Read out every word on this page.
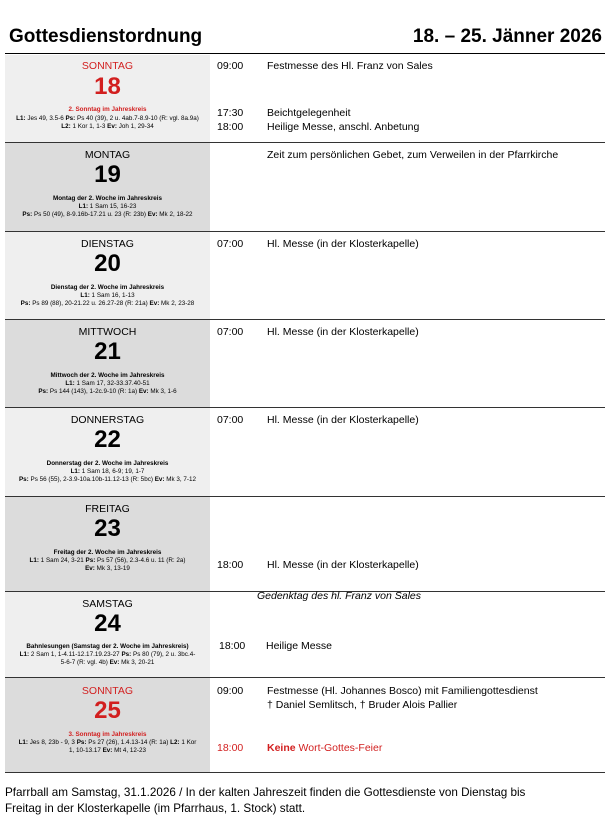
Gottesdienstordnung	18. – 25. Jänner 2026
SONNTAG
18
2. Sonntag im Jahreskreis
L1: Jes 49, 3.5-6 Ps: Ps 40 (39), 2 u. 4ab.7-8.9-10 (R: vgl. 8a.9a)
L2: 1 Kor 1, 1-3 Ev: Joh 1, 29-34
09:00 Festmesse des Hl. Franz von Sales
17:30 Beichtgelegenheit
18:00 Heilige Messe, anschl. Anbetung
MONTAG
19
Montag der 2. Woche im Jahreskreis
L1: 1 Sam 15, 16-23
Ps: Ps 50 (49), 8-9.16b-17.21 u. 23 (R: 23b) Ev: Mk 2, 18-22
Zeit zum persönlichen Gebet, zum Verweilen in der Pfarrkirche
DIENSTAG
20
Dienstag der 2. Woche im Jahreskreis
L1: 1 Sam 16, 1-13
Ps: Ps 89 (88), 20-21.22 u. 26.27-28 (R: 21a) Ev: Mk 2, 23-28
07:00 Hl. Messe (in der Klosterkapelle)
MITTWOCH
21
Mittwoch der 2. Woche im Jahreskreis
L1: 1 Sam 17, 32-33.37.40-51
Ps: Ps 144 (143), 1-2c.9-10 (R: 1a) Ev: Mk 3, 1-6
07:00 Hl. Messe (in der Klosterkapelle)
DONNERSTAG
22
Donnerstag der 2. Woche im Jahreskreis
L1: 1 Sam 18, 6-9; 19, 1-7
Ps: Ps 56 (55), 2-3.9-10a.10b-11.12-13 (R: 5bc) Ev: Mk 3, 7-12
07:00 Hl. Messe (in der Klosterkapelle)
FREITAG
23
Freitag der 2. Woche im Jahreskreis
L1: 1 Sam 24, 3-21 Ps: Ps 57 (56), 2.3-4.6 u. 11 (R: 2a)
Ev: Mk 3, 13-19	18:00 Hl. Messe (in der Klosterkapelle)
SAMSTAG
24
Bahnlesungen (Samstag der 2. Woche im Jahreskreis)
L1: 2 Sam 1, 1-4.11-12.17.19.23-27 Ps: Ps 80 (79), 2 u. 3bc.4-
5-6-7 (R: vgl. 4b) Ev: Mk 3, 20-21
Gedenktag des hl. Franz von Sales
18:00 Heilige Messe
SONNTAG
25
3. Sonntag im Jahreskreis
L1: Jes 8, 23b - 9, 3 Ps: Ps 27 (26), 1.4.13-14 (R: 1a) L2: 1 Kor
1, 10-13.17 Ev: Mt 4, 12-23
09:00 Festmesse (Hl. Johannes Bosco) mit Familiengottesdienst
† Daniel Semlitsch, † Bruder Alois Pallier
18:00 Keine Wort-Gottes-Feier
Pfarrball am Samstag, 31.1.2026 / In der kalten Jahreszeit finden die Gottesdienste von Dienstag bis
Freitag in der Klosterkapelle (im Pfarrhaus, 1. Stock) statt.
